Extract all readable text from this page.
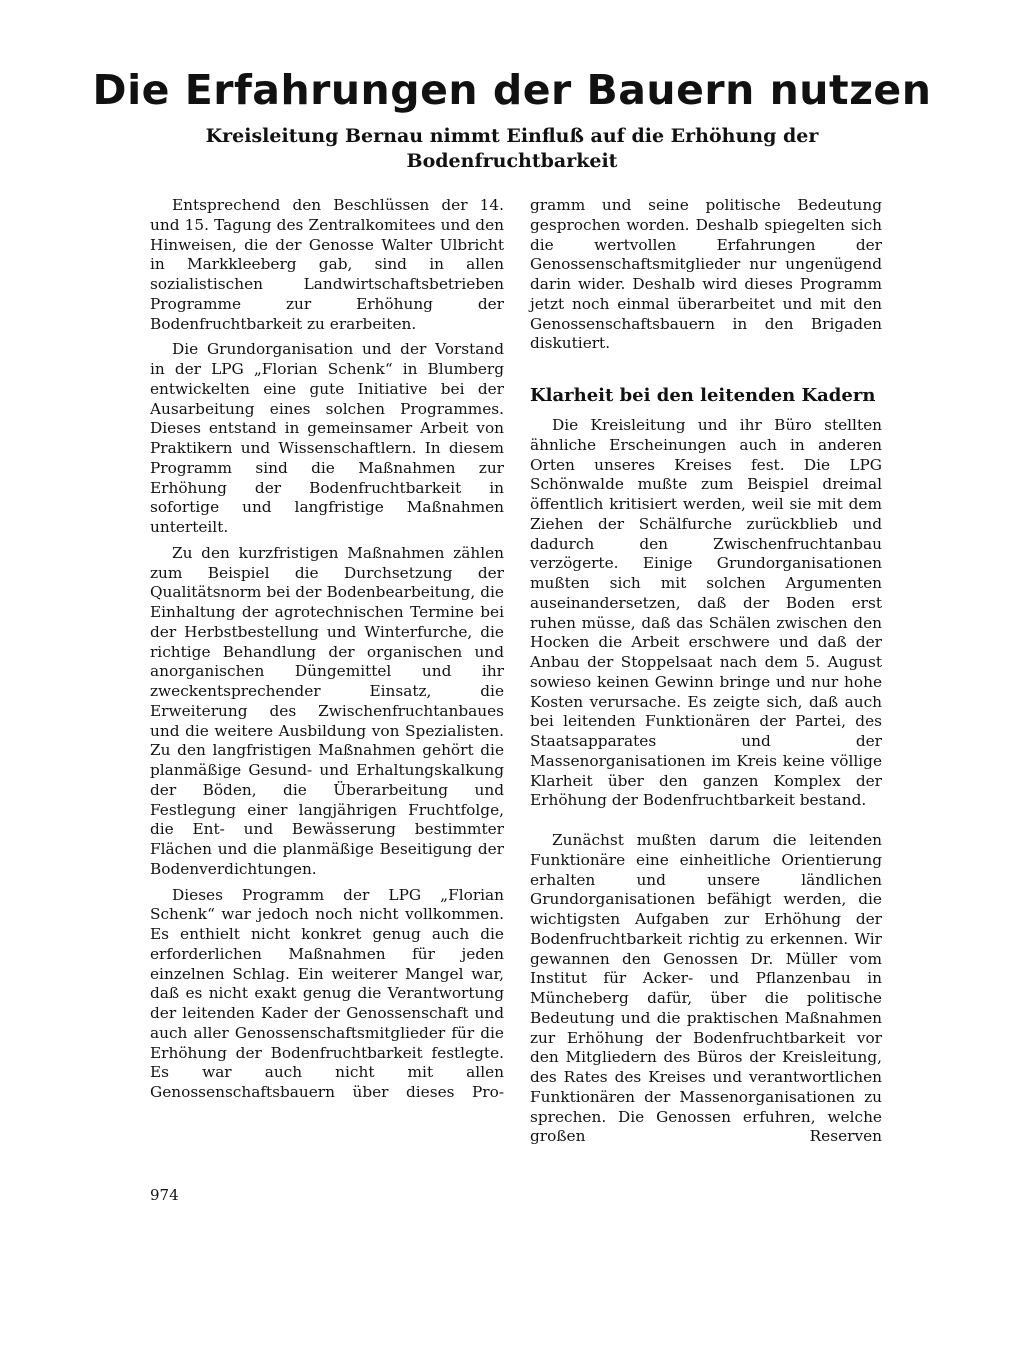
Die Erfahrungen der Bauern nutzen
Kreisleitung Bernau nimmt Einfluß auf die Erhöhung der Bodenfruchtbarkeit

Entsprechend den Beschlüssen der 14. und 15. Tagung des Zentralkomitees und den Hinweisen, die der Genosse Walter Ulbricht in Markkleeberg gab, sind in allen sozialistischen Landwirtschaftsbetrieben Programme zur Erhöhung der Bodenfruchtbarkeit zu erarbeiten.

Die Grundorganisation und der Vorstand in der LPG „Florian Schenk“ in Blumberg entwickelten eine gute Initiative bei der Ausarbeitung eines solchen Programmes. Dieses entstand in gemeinsamer Arbeit von Praktikern und Wissenschaftlern. In diesem Programm sind die Maßnahmen zur Erhöhung der Bodenfruchtbarkeit in sofortige und langfristige Maßnahmen unterteilt.

Zu den kurzfristigen Maßnahmen zählen zum Beispiel die Durchsetzung der Qualitätsnorm bei der Bodenbearbeitung, die Einhaltung der agrotechnischen Termine bei der Herbstbestellung und Winterfurche, die richtige Behandlung der organischen und anorganischen Düngemittel und ihr zweckentsprechender Einsatz, die Erweiterung des Zwischenfruchtanbaues und die weitere Ausbildung von Spezialisten. Zu den langfristigen Maßnahmen gehört die planmäßige Gesund- und Erhaltungskalkung der Böden, die Überarbeitung und Festlegung einer langjährigen Fruchtfolge, die Ent- und Bewässerung bestimmter Flächen und die planmäßige Beseitigung der Bodenverdichtungen.

Dieses Programm der LPG „Florian Schenk“ war jedoch noch nicht vollkommen. Es enthielt nicht konkret genug auch die erforderlichen Maßnahmen für jeden einzelnen Schlag. Ein weiterer Mangel war, daß es nicht exakt genug die Verantwortung der leitenden Kader der Genossenschaft und auch aller Genossenschaftsmitglieder für die Erhöhung der Bodenfruchtbarkeit festlegte. Es war auch nicht mit allen Genossenschaftsbauern über dieses Pro-

gramm und seine politische Bedeutung gesprochen worden. Deshalb spiegelten sich die wertvollen Erfahrungen der Genossenschaftsmitglieder nur ungenügend darin wider. Deshalb wird dieses Programm jetzt noch einmal überarbeitet und mit den Genossenschaftsbauern in den Brigaden diskutiert.

Klarheit bei den leitenden Kadern

Die Kreisleitung und ihr Büro stellten ähnliche Erscheinungen auch in anderen Orten unseres Kreises fest. Die LPG Schönwalde mußte zum Beispiel dreimal öffentlich kritisiert werden, weil sie mit dem Ziehen der Schälfurche zurückblieb und dadurch den Zwischenfruchtanbau verzögerte. Einige Grundorganisationen mußten sich mit solchen Argumenten auseinandersetzen, daß der Boden erst ruhen müsse, daß das Schälen zwischen den Hocken die Arbeit erschwere und daß der Anbau der Stoppelsaat nach dem 5. August sowieso keinen Gewinn bringe und nur hohe Kosten verursache. Es zeigte sich, daß auch bei leitenden Funktionären der Partei, des Staatsapparates und der Massenorganisationen im Kreis keine völlige Klarheit über den ganzen Komplex der Erhöhung der Bodenfruchtbarkeit bestand.

Zunächst mußten darum die leitenden Funktionäre eine einheitliche Orientierung erhalten und unsere ländlichen Grundorganisationen befähigt werden, die wichtigsten Aufgaben zur Erhöhung der Bodenfruchtbarkeit richtig zu erkennen. Wir gewannen den Genossen Dr. Müller vom Institut für Acker- und Pflanzenbau in Müncheberg dafür, über die politische Bedeutung und die praktischen Maßnahmen zur Erhöhung der Bodenfruchtbarkeit vor den Mitgliedern des Büros der Kreisleitung, des Rates des Kreises und verantwortlichen Funktionären der Massenorganisationen zu sprechen. Die Genossen erfuhren, welche großen Reserven

974
